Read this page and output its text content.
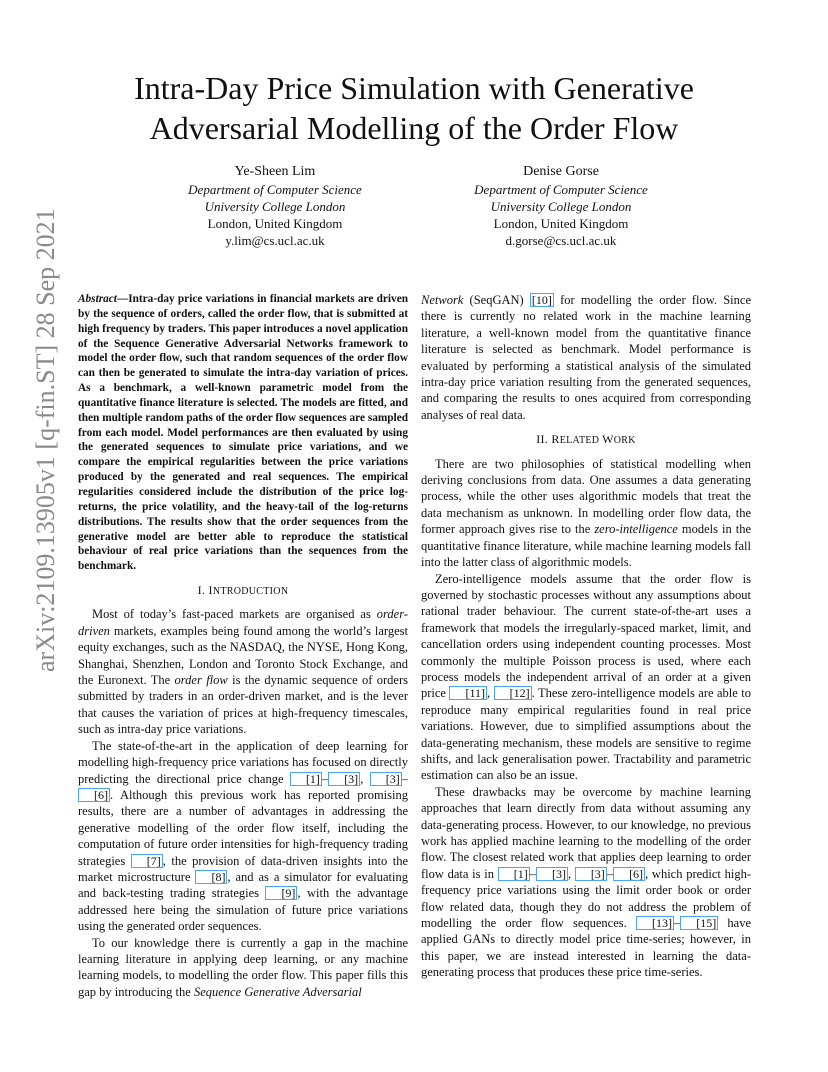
arXiv:2109.13905v1 [q-fin.ST] 28 Sep 2021
Intra-Day Price Simulation with Generative
Adversarial Modelling of the Order Flow
Ye-Sheen Lim
Department of Computer Science
University College London
London, United Kingdom
y.lim@cs.ucl.ac.uk
Denise Gorse
Department of Computer Science
University College London
London, United Kingdom
d.gorse@cs.ucl.ac.uk

Abstract—Intra-day price variations in financial markets are driven by the sequence of orders, called the order flow, that is submitted at high frequency by traders. This paper introduces a novel application of the Sequence Generative Adversarial Networks framework to model the order flow, such that random sequences of the order flow can then be generated to simulate the intra-day variation of prices. As a benchmark, a well-known parametric model from the quantitative finance literature is selected. The models are fitted, and then multiple random paths of the order flow sequences are sampled from each model. Model performances are then evaluated by using the generated sequences to simulate price variations, and we compare the empirical regularities between the price variations produced by the generated and real sequences. The empirical regularities considered include the distribution of the price log-returns, the price volatility, and the heavy-tail of the log-returns distributions. The results show that the order sequences from the generative model are better able to reproduce the statistical behaviour of real price variations than the sequences from the benchmark.

I. INTRODUCTION

Most of today’s fast-paced markets are organised as order-driven markets, examples being found among the world’s largest equity exchanges, such as the NASDAQ, the NYSE, Hong Kong, Shanghai, Shenzhen, London and Toronto Stock Exchange, and the Euronext. The order flow is the dynamic sequence of orders submitted by traders in an order-driven market, and is the lever that causes the variation of prices at high-frequency timescales, such as intra-day price variations.

The state-of-the-art in the application of deep learning for modelling high-frequency price variations has focused on directly predicting the directional price change [1] – [3] , [3] –[6] . Although this previous work has reported promising results, there are a number of advantages in addressing the generative modelling of the order flow itself, including the computation of future order intensities for high-frequency trading strategies [7] , the provision of data-driven insights into the market microstructure [8] , and as a simulator for evaluating and back-testing trading strategies [9] , with the advantage addressed here being the simulation of future price variations using the generated order sequences.

To our knowledge there is currently a gap in the machine learning literature in applying deep learning, or any machine learning models, to modelling the order flow. This paper fills this gap by introducing the Sequence Generative Adversarial

Network (SeqGAN) [10] for modelling the order flow. Since there is currently no related work in the machine learning literature, a well-known model from the quantitative finance literature is selected as benchmark. Model performance is evaluated by performing a statistical analysis of the simulated intra-day price variation resulting from the generated sequences, and comparing the results to ones acquired from corresponding analyses of real data.

II. RELATED WORK

There are two philosophies of statistical modelling when deriving conclusions from data. One assumes a data generating process, while the other uses algorithmic models that treat the data mechanism as unknown. In modelling order flow data, the former approach gives rise to the zero-intelligence models in the quantitative finance literature, while machine learning models fall into the latter class of algorithmic models.

Zero-intelligence models assume that the order flow is governed by stochastic processes without any assumptions about rational trader behaviour. The current state-of-the-art uses a framework that models the irregularly-spaced market, limit, and cancellation orders using independent counting processes. Most commonly the multiple Poisson process is used, where each process models the independent arrival of an order at a given price [11] , [12] . These zero-intelligence models are able to reproduce many empirical regularities found in real price variations. However, due to simplified assumptions about the data-generating mechanism, these models are sensitive to regime shifts, and lack generalisation power. Tractability and parametric estimation can also be an issue.

These drawbacks may be overcome by machine learning approaches that learn directly from data without assuming any data-generating process. However, to our knowledge, no previous work has applied machine learning to the modelling of the order flow. The closest related work that applies deep learning to order flow data is in [1] – [3] , [3] – [6] , which predict high-frequency price variations using the limit order book or order flow related data, though they do not address the problem of modelling the order flow sequences. [13] – [15] have applied GANs to directly model price time-series; however, in this paper, we are instead interested in learning the data-generating process that produces these price time-series.
